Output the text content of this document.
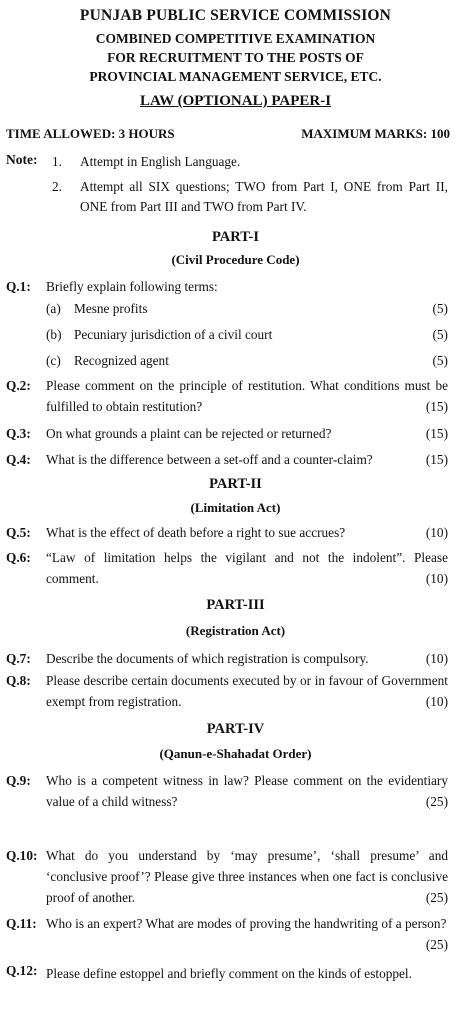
PUNJAB PUBLIC SERVICE COMMISSION
COMBINED COMPETITIVE EXAMINATION
FOR RECRUITMENT TO THE POSTS OF
PROVINCIAL MANAGEMENT SERVICE, ETC.
LAW (OPTIONAL) PAPER-I
TIME ALLOWED: 3 HOURS	MAXIMUM MARKS: 100
Note: 1. Attempt in English Language.
2. Attempt all SIX questions; TWO from Part I, ONE from Part II, ONE from Part III and TWO from Part IV.
PART-I
(Civil Procedure Code)
Q.1: Briefly explain following terms:
(a) Mesne profits	(5)
(b) Pecuniary jurisdiction of a civil court	(5)
(c) Recognized agent	(5)
Q.2: Please comment on the principle of restitution. What conditions must be fulfilled to obtain restitution?	(15)
Q.3: On what grounds a plaint can be rejected or returned?	(15)
Q.4: What is the difference between a set-off and a counter-claim?	(15)
PART-II
(Limitation Act)
Q.5: What is the effect of death before a right to sue accrues?	(10)
Q.6: “Law of limitation helps the vigilant and not the indolent”. Please comment.	(10)
PART-III
(Registration Act)
Q.7: Describe the documents of which registration is compulsory.	(10)
Q.8: Please describe certain documents executed by or in favour of Government exempt from registration.	(10)
PART-IV
(Qanun-e-Shahadat Order)
Q.9: Who is a competent witness in law? Please comment on the evidentiary value of a child witness?	(25)
Q.10: What do you understand by ‘may presume’, ‘shall presume’ and ‘conclusive proof’? Please give three instances when one fact is conclusive proof of another.	(25)
Q.11: Who is an expert? What are modes of proving the handwriting of a person?
(25)
Q.12: Please define estoppel and briefly comment on the kinds of estoppel.
